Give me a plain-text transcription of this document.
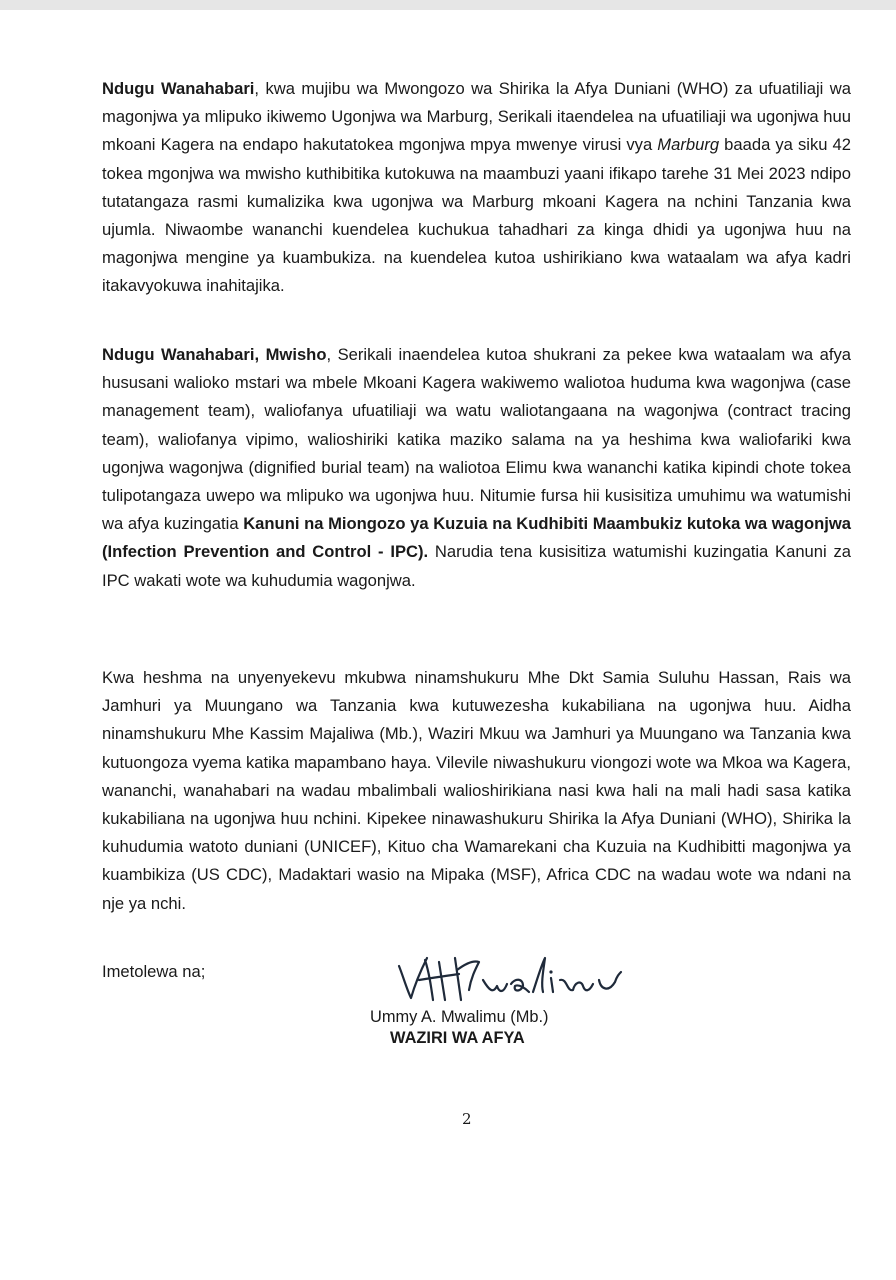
Ndugu Wanahabari, kwa mujibu wa Mwongozo wa Shirika la Afya Duniani (WHO) za ufuatiliaji wa magonjwa ya mlipuko ikiwemo Ugonjwa wa Marburg, Serikali itaendelea na ufuatiliaji wa ugonjwa huu mkoani Kagera na endapo hakutatokea mgonjwa mpya mwenye virusi vya Marburg baada ya siku 42 tokea mgonjwa wa mwisho kuthibitika kutokuwa na maambuzi yaani ifikapo tarehe 31 Mei 2023 ndipo tutatangaza rasmi kumalizika kwa ugonjwa wa Marburg mkoani Kagera na nchini Tanzania kwa ujumla. Niwaombe wananchi kuendelea kuchukua tahadhari za kinga dhidi ya ugonjwa huu na magonjwa mengine ya kuambukiza. na kuendelea kutoa ushirikiano kwa wataalam wa afya kadri itakavyokuwa inahitajika.

Ndugu Wanahabari, Mwisho, Serikali inaendelea kutoa shukrani za pekee kwa wataalam wa afya hususani walioko mstari wa mbele Mkoani Kagera wakiwemo waliotoa huduma kwa wagonjwa (case management team), waliofanya ufuatiliaji wa watu waliotangaana na wagonjwa (contract tracing team), waliofanya vipimo, walioshiriki katika maziko salama na ya heshima kwa waliofariki kwa ugonjwa wagonjwa (dignified burial team) na waliotoa Elimu kwa wananchi katika kipindi chote tokea tulipotangaza uwepo wa mlipuko wa ugonjwa huu. Nitumie fursa hii kusisitiza umuhimu wa watumishi wa afya kuzingatia Kanuni na Miongozo ya Kuzuia na Kudhibiti Maambukiz kutoka wa wagonjwa (Infection Prevention and Control - IPC). Narudia tena kusisitiza watumishi kuzingatia Kanuni za IPC wakati wote wa kuhudumia wagonjwa.

Kwa heshma na unyenyekevu mkubwa ninamshukuru Mhe Dkt Samia Suluhu Hassan, Rais wa Jamhuri ya Muungano wa Tanzania kwa kutuwezesha kukabiliana na ugonjwa huu. Aidha ninamshukuru Mhe Kassim Majaliwa (Mb.), Waziri Mkuu wa Jamhuri ya Muungano wa Tanzania kwa kutuongoza vyema katika mapambano haya. Vilevile niwashukuru viongozi wote wa Mkoa wa Kagera, wananchi, wanahabari na wadau mbalimbali walioshirikiana nasi kwa hali na mali hadi sasa katika kukabiliana na ugonjwa huu nchini. Kipekee ninawashukuru Shirika la Afya Duniani (WHO), Shirika la kuhudumia watoto duniani (UNICEF), Kituo cha Wamarekani cha Kuzuia na Kudhibitti magonjwa ya kuambikiza (US CDC), Madaktari wasio na Mipaka (MSF), Africa CDC na wadau wote wa ndani na nje ya nchi.

Imetolewa na;
Ummy A. Mwalimu (Mb.)
WAZIRI WA AFYA
2
